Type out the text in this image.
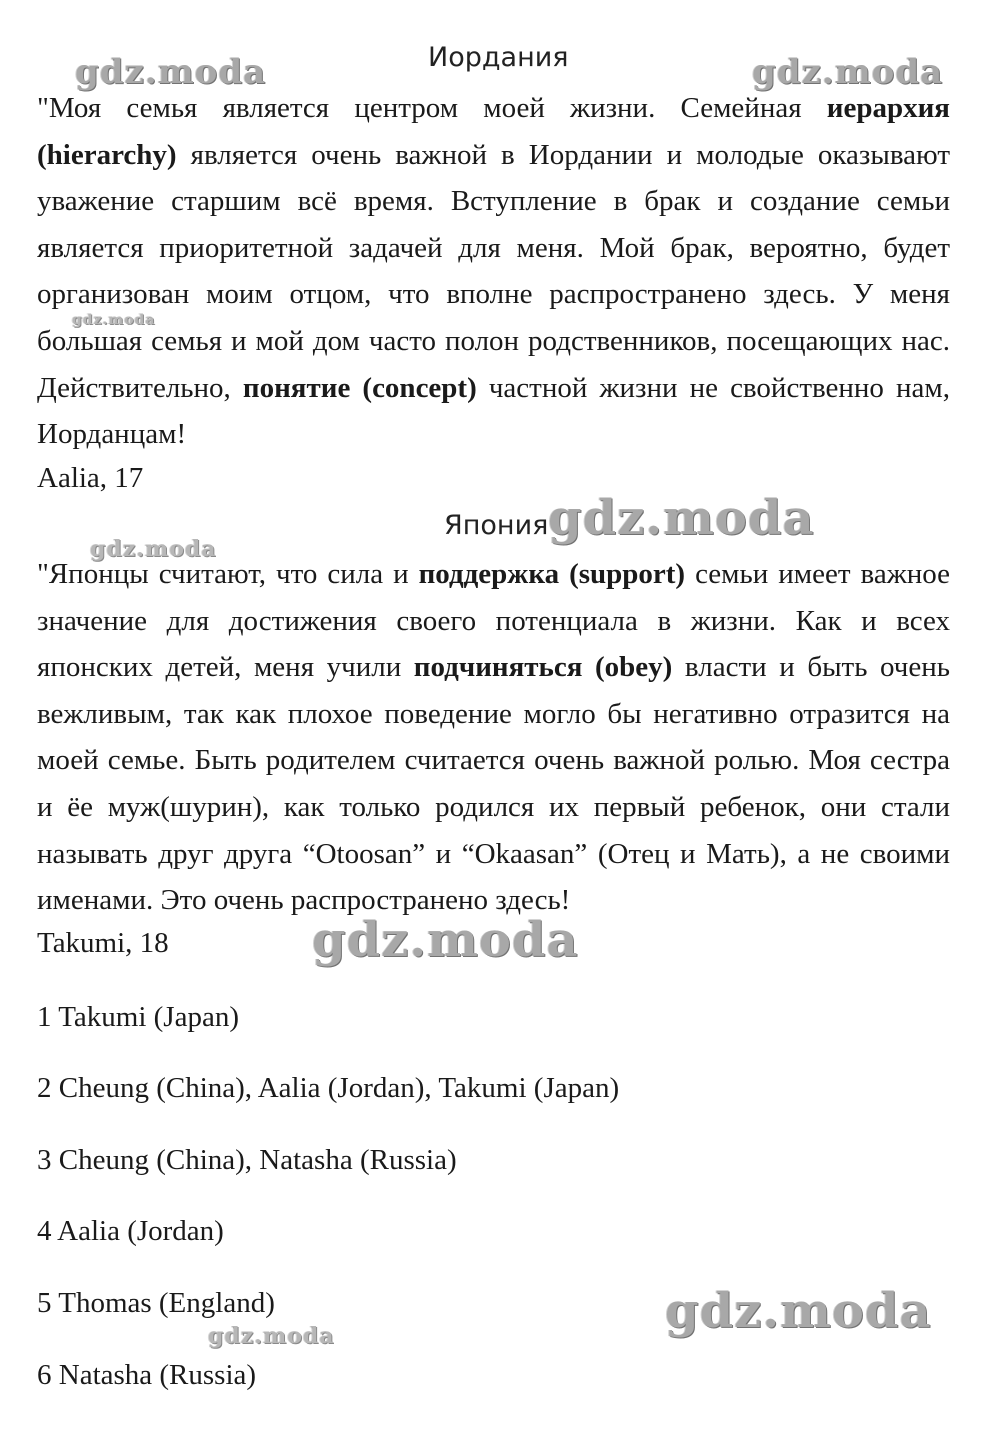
Иордания

"Моя семья является центром моей жизни. Семейная иерархия (hierarchy) является очень важной в Иордании и молодые оказывают уважение старшим всё время. Вступление в брак и создание семьи является приоритетной задачей для меня. Мой брак, вероятно, будет организован моим отцом, что вполне распространено здесь. У меня большая семья и мой дом часто полон родственников, посещающих нас. Действительно, понятие (concept) частной жизни не свойственно нам, Иорданцам!

Aalia, 17
Япония

"Японцы считают, что сила и поддержка (support) семьи имеет важное значение для достижения своего потенциала в жизни. Как и всех японских детей, меня учили подчиняться (obey) власти и быть очень вежливым, так как плохое поведение могло бы негативно отразится на моей семье. Быть родителем считается очень важной ролью. Моя сестра и ёе муж(шурин), как только родился их первый ребенок, они стали называть друг друга “Otoosan” и “Okaasan” (Отец и Мать), а не своими именами. Это очень распространено здесь!

Takumi, 18
1 Takumi (Japan)
2 Cheung (China), Aalia (Jordan), Takumi (Japan)
3 Cheung (China), Natasha (Russia)
4 Aalia (Jordan)
5 Thomas (England)
6 Natasha (Russia)
gdz.moda	gdz.moda
gdz.moda
gdz.moda
gdz.moda
gdz.moda
gdz.moda
gdz.moda
